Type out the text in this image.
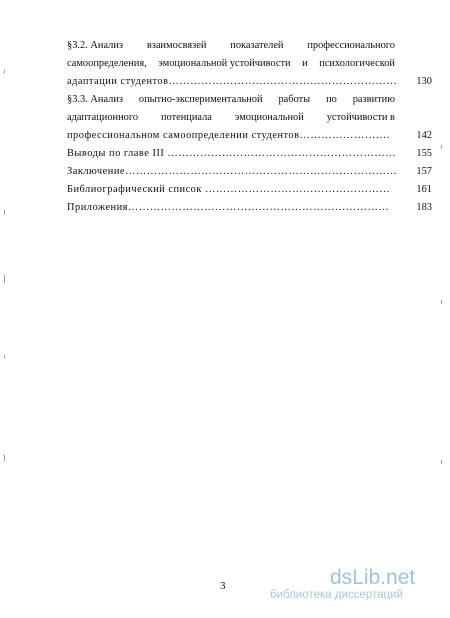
§3.2. Анализ взаимосвязей показателей профессионального
самоопределения, эмоциональной устойчивости и психологической
адаптации студентов………………………………………………………	130
§3.3. Анализ опытно-экспериментальной работы по развитию
адаптационного потенциала эмоциональной устойчивости в
профессиональном самоопределении студентов…………………….	142
Выводы по главе III ………………………………………………………	155
Заключение…………………………………………………………………	157
Библиографический список ……………………………………………	161
Приложения………………………………………………………………	183
3	dsLib.net
библиотека диссертаций
